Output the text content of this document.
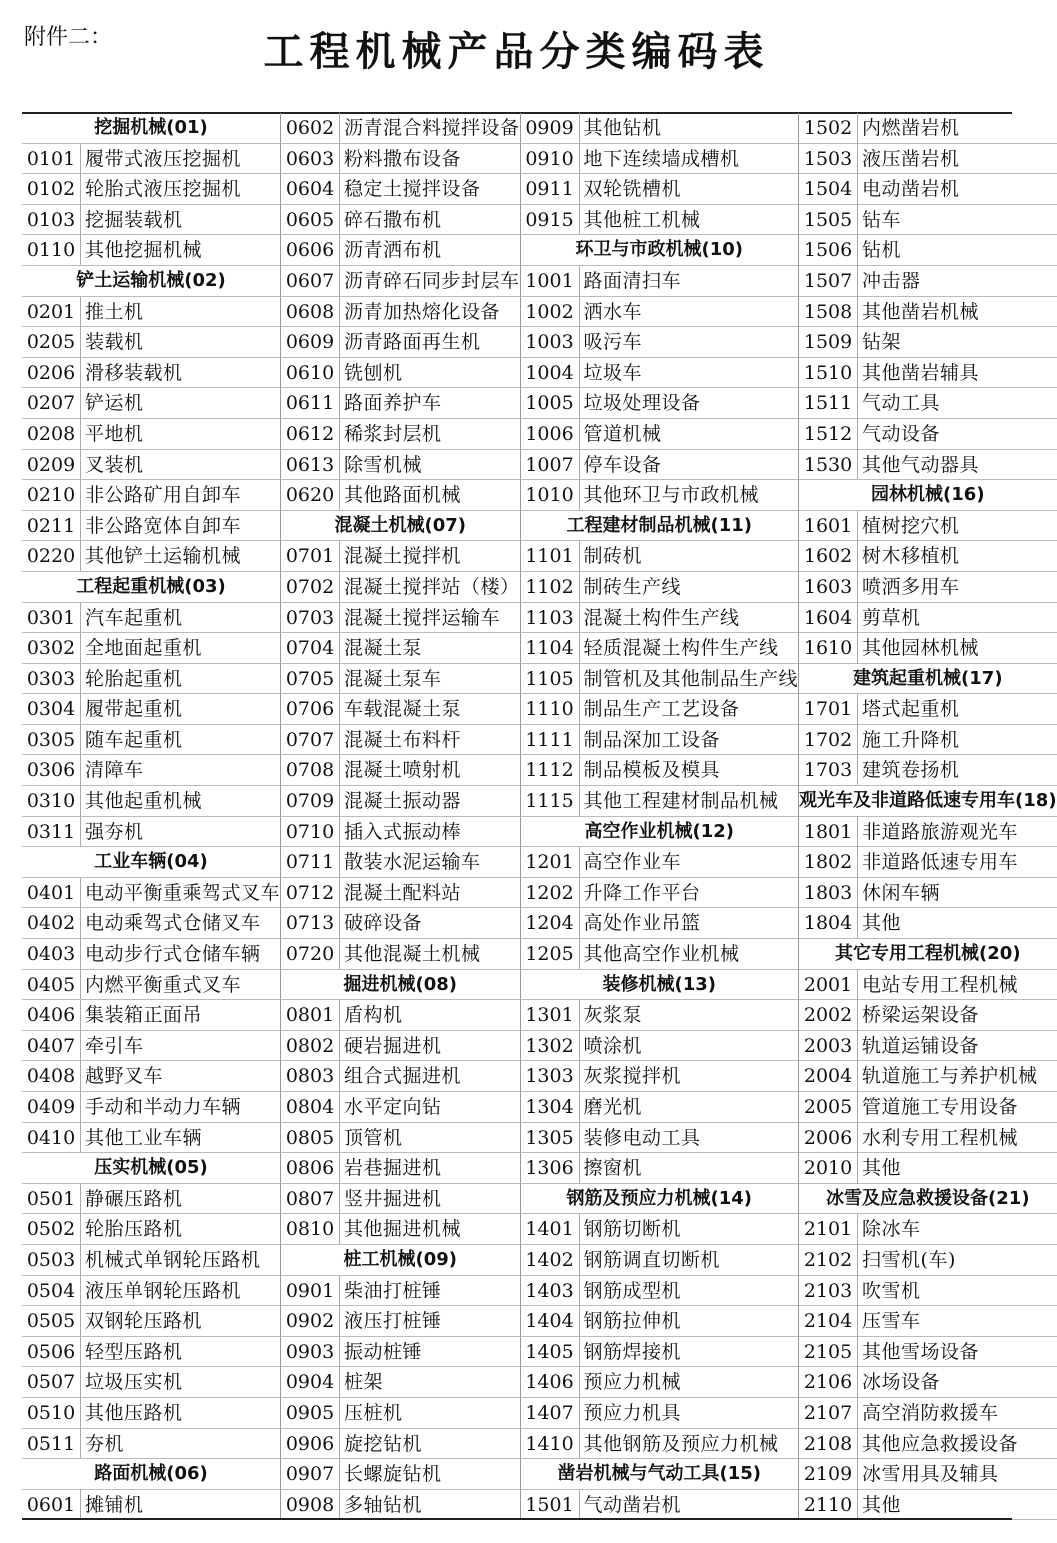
附件二：	工程机械产品分类编码表
挖掘机械(01)
0101 履带式液压挖掘机
0102 轮胎式液压挖掘机
0103 挖掘装载机
0110 其他挖掘机械
铲土运输机械(02)
0201 推土机
0205 装载机
0206 滑移装载机
0207 铲运机
0208 平地机
0209 叉装机
0210 非公路矿用自卸车
0211 非公路宽体自卸车
0220 其他铲土运输机械
工程起重机械(03)
0301 汽车起重机
0302 全地面起重机
0303 轮胎起重机
0304 履带起重机
0305 随车起重机
0306 清障车
0310 其他起重机械
0311 强夯机
工业车辆(04)
0401 电动平衡重乘驾式叉车
0402 电动乘驾式仓储叉车
0403 电动步行式仓储车辆
0405 内燃平衡重式叉车
0406 集装箱正面吊
0407 牵引车
0408 越野叉车
0409 手动和半动力车辆
0410 其他工业车辆
压实机械(05)
0501 静碾压路机
0502 轮胎压路机
0503 机械式单钢轮压路机
0504 液压单钢轮压路机
0505 双钢轮压路机
0506 轻型压路机
0507 垃圾压实机
0510 其他压路机
0511 夯机
路面机械(06)
0601 摊铺机
0602 沥青混合料搅拌设备
0603 粉料撒布设备
0604 稳定土搅拌设备
0605 碎石撒布机
0606 沥青洒布机
0607 沥青碎石同步封层车
0608 沥青加热熔化设备
0609 沥青路面再生机
0610 铣刨机
0611 路面养护车
0612 稀浆封层机
0613 除雪机械
0620 其他路面机械
混凝土机械(07)
0701 混凝土搅拌机
0702 混凝土搅拌站（楼）
0703 混凝土搅拌运输车
0704 混凝土泵
0705 混凝土泵车
0706 车载混凝土泵
0707 混凝土布料杆
0708 混凝土喷射机
0709 混凝土振动器
0710 插入式振动棒
0711 散装水泥运输车
0712 混凝土配料站
0713 破碎设备
0720 其他混凝土机械
掘进机械(08)
0801 盾构机
0802 硬岩掘进机
0803 组合式掘进机
0804 水平定向钻
0805 顶管机
0806 岩巷掘进机
0807 竖井掘进机
0810 其他掘进机械
桩工机械(09)
0901 柴油打桩锤
0902 液压打桩锤
0903 振动桩锤
0904 桩架
0905 压桩机
0906 旋挖钻机
0907 长螺旋钻机
0908 多轴钻机
0909 其他钻机
0910 地下连续墙成槽机
0911 双轮铣槽机
0915 其他桩工机械
环卫与市政机械(10)
1001 路面清扫车
1002 洒水车
1003 吸污车
1004 垃圾车
1005 垃圾处理设备
1006 管道机械
1007 停车设备
1010 其他环卫与市政机械
工程建材制品机械(11)
1101 制砖机
1102 制砖生产线
1103 混凝土构件生产线
1104 轻质混凝土构件生产线
1105 制管机及其他制品生产线
1110 制品生产工艺设备
1111 制品深加工设备
1112 制品模板及模具
1115 其他工程建材制品机械
高空作业机械(12)
1201 高空作业车
1202 升降工作平台
1204 高处作业吊篮
1205 其他高空作业机械
装修机械(13)
1301 灰浆泵
1302 喷涂机
1303 灰浆搅拌机
1304 磨光机
1305 装修电动工具
1306 擦窗机
钢筋及预应力机械(14)
1401 钢筋切断机
1402 钢筋调直切断机
1403 钢筋成型机
1404 钢筋拉伸机
1405 钢筋焊接机
1406 预应力机械
1407 预应力机具
1410 其他钢筋及预应力机械
凿岩机械与气动工具(15)
1501 气动凿岩机
1502 内燃凿岩机
1503 液压凿岩机
1504 电动凿岩机
1505 钻车
1506 钻机
1507 冲击器
1508 其他凿岩机械
1509 钻架
1510 其他凿岩辅具
1511 气动工具
1512 气动设备
1530 其他气动器具
园林机械(16)
1601 植树挖穴机
1602 树木移植机
1603 喷洒多用车
1604 剪草机
1610 其他园林机械
建筑起重机械(17)
1701 塔式起重机
1702 施工升降机
1703 建筑卷扬机
观光车及非道路低速专用车(18)
1801 非道路旅游观光车
1802 非道路低速专用车
1803 休闲车辆
1804 其他
其它专用工程机械(20)
2001 电站专用工程机械
2002 桥梁运架设备
2003 轨道运铺设备
2004 轨道施工与养护机械
2005 管道施工专用设备
2006 水利专用工程机械
2010 其他
冰雪及应急救援设备(21)
2101 除冰车
2102 扫雪机(车)
2103 吹雪机
2104 压雪车
2105 其他雪场设备
2106 冰场设备
2107 高空消防救援车
2108 其他应急救援设备
2109 冰雪用具及辅具
2110 其他
